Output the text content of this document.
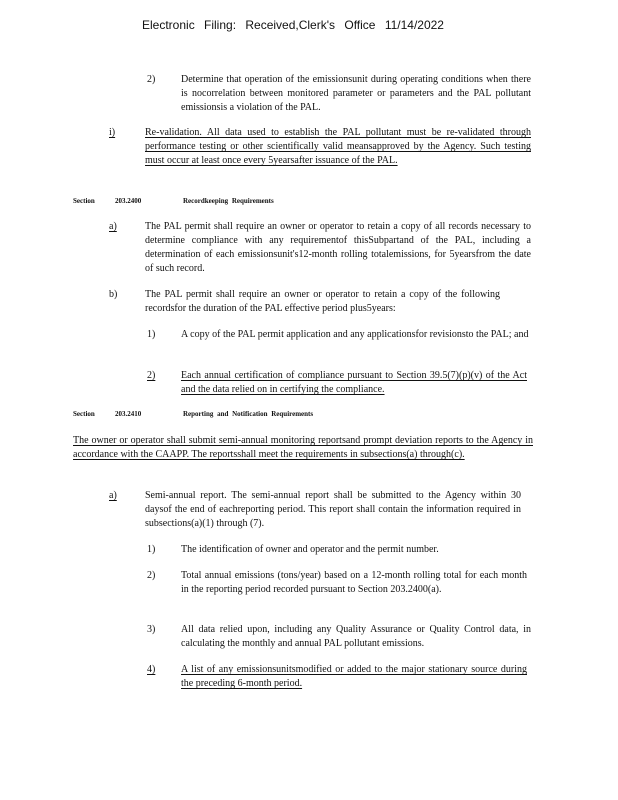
Electronic Filing: Received,Clerk's Office 11/14/2022
2)	Determine that operation of the emissionsunit during operating conditions when there is nocorrelation between monitored parameter or parameters and the PAL pollutant emissionsis a violation of the PAL.
i)	Re-validation. All data used to establish the PAL pollutant must be re-validated through performance testing or other scientifically valid meansapproved by the Agency. Such testing must occur at least once every 5yearsafter issuance of the PAL.
Section	203.2400	Recordkeeping Requirements
a)	The PAL permit shall require an owner or operator to retain a copy of all records necessary to determine compliance with any requirementof thisSubpartand of the PAL, including a determination of each emissionsunit's12-month rolling totalemissions, for 5yearsfrom the date of such record.
b)	The PAL permit shall require an owner or operator to retain a copy of the following recordsfor the duration of the PAL effective period plus5years:
1)	A copy of the PAL permit application and any applicationsfor revisionsto the PAL; and
2)	Each annual certification of compliance pursuant to Section 39.5(7)(p)(v) of the Act and the data relied on in certifying the compliance.
Section	203.2410	Reporting and Notification Requirements
The owner or operator shall submit semi-annual monitoring reportsand prompt deviation reports to the Agency in accordance with the CAAPP. The reportsshall meet the requirements in subsections(a) through(c).
a)	Semi-annual report. The semi-annual report shall be submitted to the Agency within 30 daysof the end of eachreporting period. This report shall contain the information required in subsections(a)(1) through (7).
1)	The identification of owner and operator and the permit number.
2)	Total annual emissions (tons/year) based on a 12-month rolling total for each month in the reporting period recorded pursuant to Section 203.2400(a).
3)	All data relied upon, including any Quality Assurance or Quality Control data, in calculating the monthly and annual PAL pollutant emissions.
4)	A list of any emissionsunitsmodified or added to the major stationary source during the preceding 6-month period.
